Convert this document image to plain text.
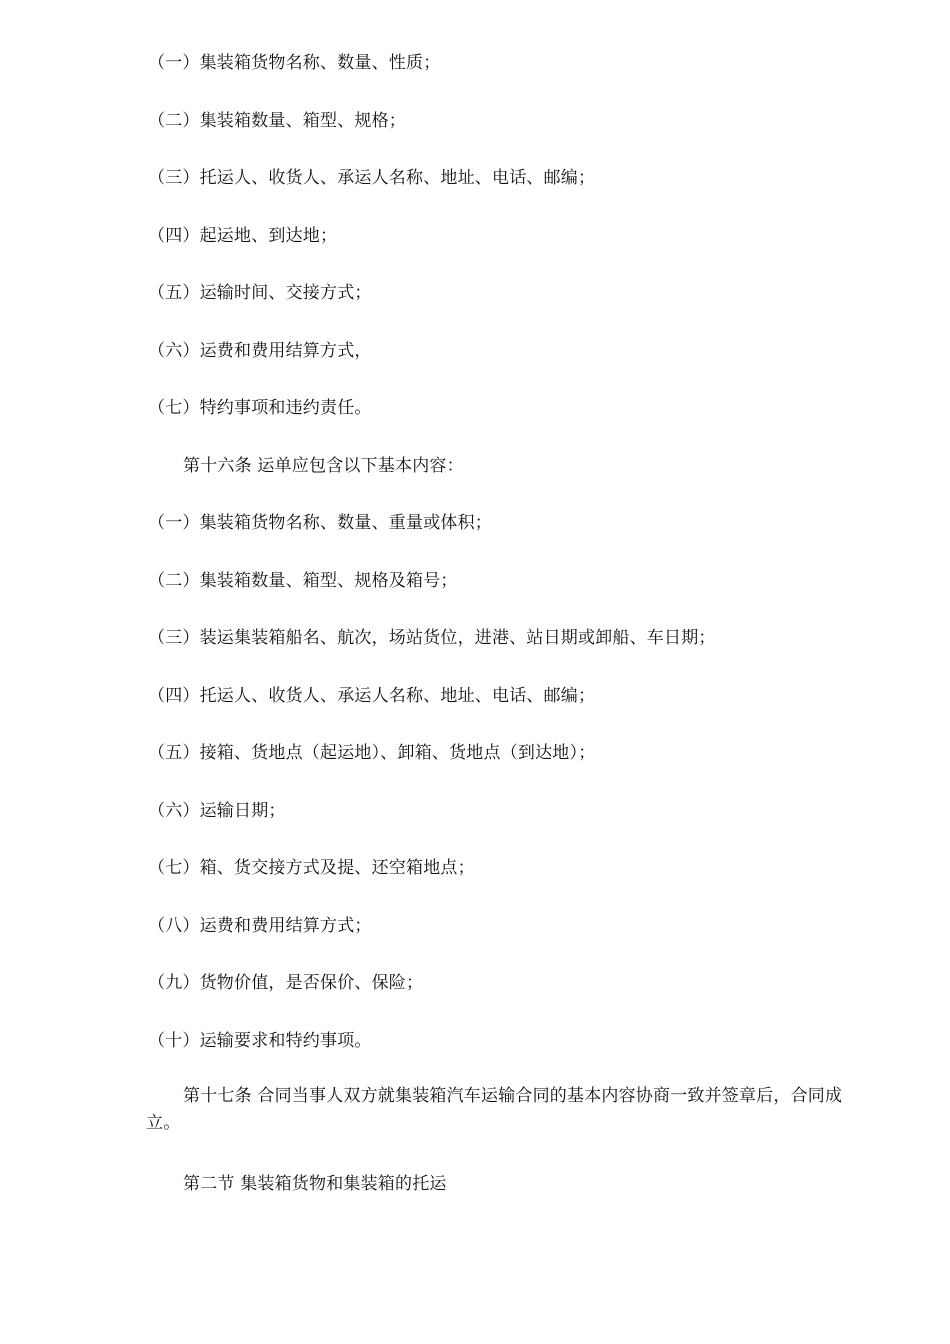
（一）集装箱货物名称、数量、性质；
（二）集装箱数量、箱型、规格；
（三）托运人、收货人、承运人名称、地址、电话、邮编；
（四）起运地、到达地；
（五）运输时间、交接方式；
（六）运费和费用结算方式，
（七）特约事项和违约责任。
第十六条 运单应包含以下基本内容：
（一）集装箱货物名称、数量、重量或体积；
（二）集装箱数量、箱型、规格及箱号；
（三）装运集装箱船名、航次，场站货位，进港、站日期或卸船、车日期；
（四）托运人、收货人、承运人名称、地址、电话、邮编；
（五）接箱、货地点（起运地）、卸箱、货地点（到达地）；
（六）运输日期；
（七）箱、货交接方式及提、还空箱地点；
（八）运费和费用结算方式；
（九）货物价值，是否保价、保险；
（十）运输要求和特约事项。
第十七条 合同当事人双方就集装箱汽车运输合同的基本内容协商一致并签章后，合同成立。
第二节 集装箱货物和集装箱的托运
